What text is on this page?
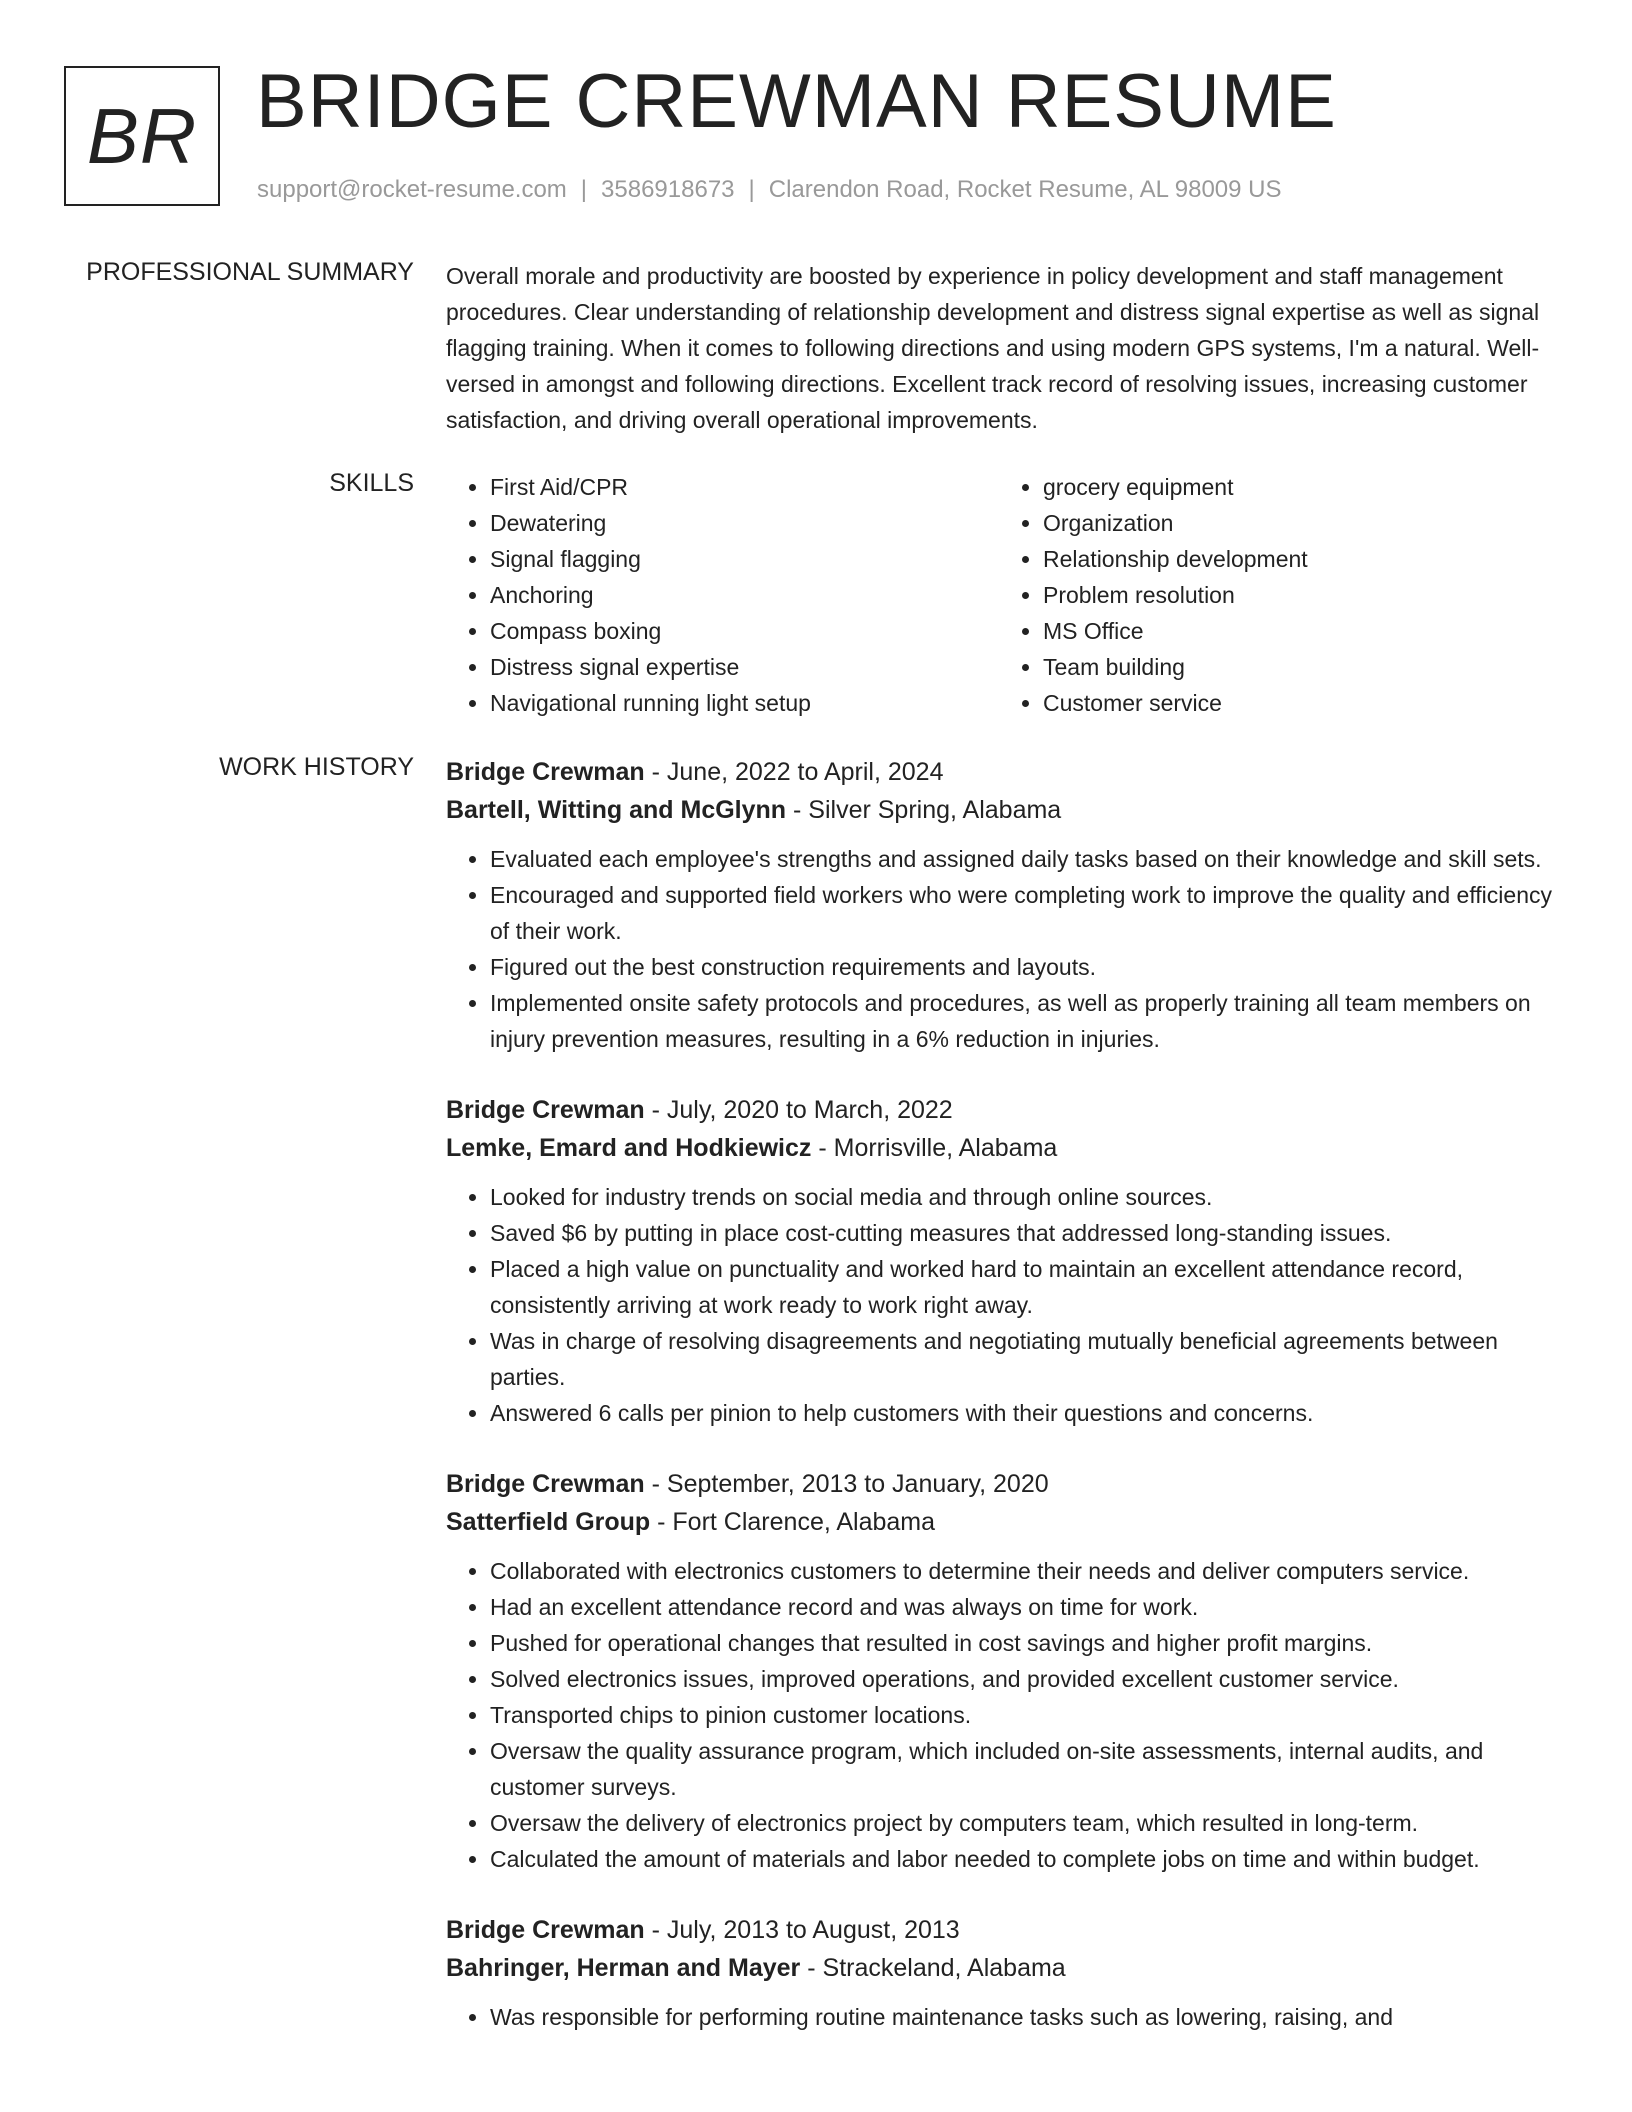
BR BRIDGE CREWMAN RESUME
support@rocket-resume.com | 3586918673 | Clarendon Road, Rocket Resume, AL 98009 US
PROFESSIONAL SUMMARY Overall morale and productivity are boosted by experience in policy development and staff management procedures. Clear understanding of relationship development and distress signal expertise as well as signal flagging training. When it comes to following directions and using modern GPS systems, I'm a natural. Well-versed in amongst and following directions. Excellent track record of resolving issues, increasing customer satisfaction, and driving overall operational improvements.

SKILLS
•	First Aid/CPR
• Dewatering
• Signal flagging
• Anchoring
• Compass boxing
• Distress signal expertise
• Navigational running light setup
• grocery equipment
• Organization
• Relationship development
• Problem resolution
• MS Office
• Team building
• Customer service
WORK HISTORY Bridge Crewman - June, 2022 to April, 2024
Bartell, Witting and McGlynn - Silver Spring, Alabama
• Evaluated each employee's strengths and assigned daily tasks based on their knowledge and skill sets.
• Encouraged and supported field workers who were completing work to improve the quality and efficiency of their work.
• Figured out the best construction requirements and layouts.
• Implemented onsite safety protocols and procedures, as well as properly training all team members on injury prevention measures, resulting in a 6% reduction in injuries.
Bridge Crewman - July, 2020 to March, 2022
Lemke, Emard and Hodkiewicz - Morrisville, Alabama
• Looked for industry trends on social media and through online sources.
• Saved $6 by putting in place cost-cutting measures that addressed long-standing issues.
• Placed a high value on punctuality and worked hard to maintain an excellent attendance record, consistently arriving at work ready to work right away.
• Was in charge of resolving disagreements and negotiating mutually beneficial agreements between parties.
• Answered 6 calls per pinion to help customers with their questions and concerns.
Bridge Crewman - September, 2013 to January, 2020
Satterfield Group - Fort Clarence, Alabama
• Collaborated with electronics customers to determine their needs and deliver computers service.
• Had an excellent attendance record and was always on time for work.
• Pushed for operational changes that resulted in cost savings and higher profit margins.
• Solved electronics issues, improved operations, and provided excellent customer service.
• Transported chips to pinion customer locations.
• Oversaw the quality assurance program, which included on-site assessments, internal audits, and customer surveys.
• Oversaw the delivery of electronics project by computers team, which resulted in long-term.
• Calculated the amount of materials and labor needed to complete jobs on time and within budget.
Bridge Crewman - July, 2013 to August, 2013
Bahringer, Herman and Mayer - Strackeland, Alabama
• Was responsible for performing routine maintenance tasks such as lowering, raising, and
